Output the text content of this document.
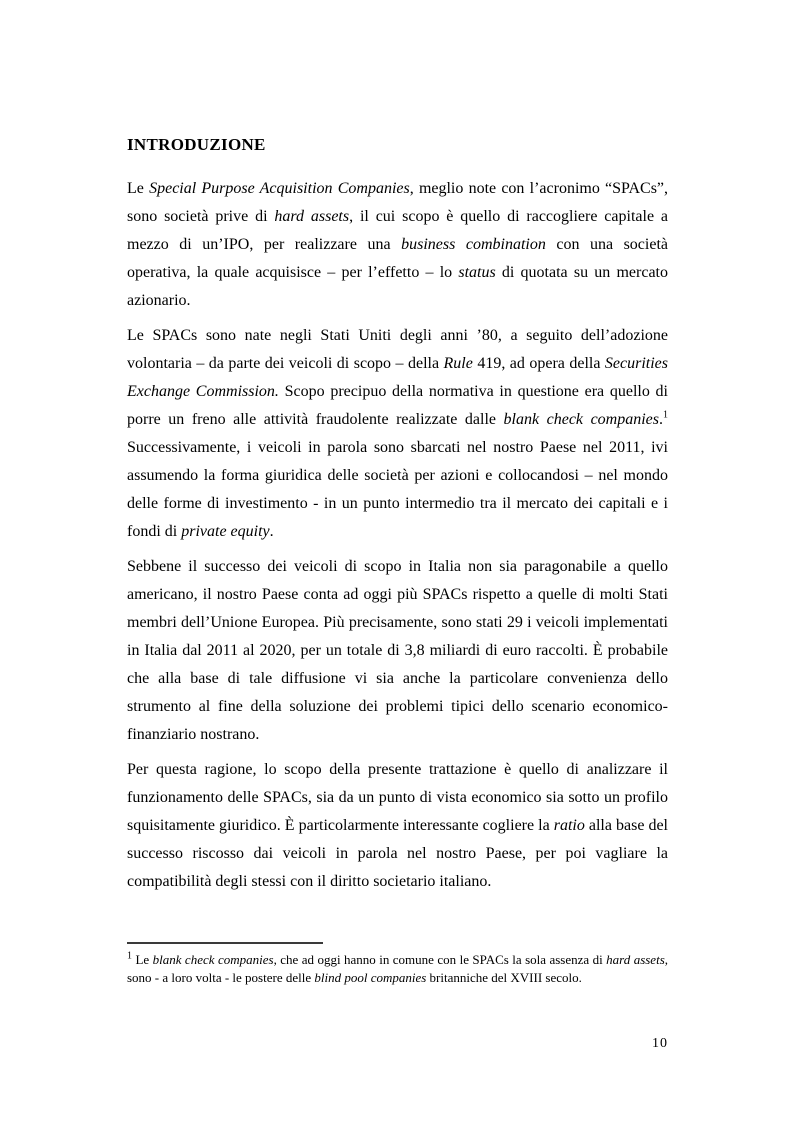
INTRODUZIONE

Le Special Purpose Acquisition Companies, meglio note con l’acronimo “SPACs”, sono società prive di hard assets, il cui scopo è quello di raccogliere capitale a mezzo di un’IPO, per realizzare una business combination con una società operativa, la quale acquisisce – per l’effetto – lo status di quotata su un mercato azionario.

Le SPACs sono nate negli Stati Uniti degli anni ’80, a seguito dell’adozione volontaria – da parte dei veicoli di scopo – della Rule 419, ad opera della Securities Exchange Commission. Scopo precipuo della normativa in questione era quello di porre un freno alle attività fraudolente realizzate dalle blank check companies.$^1$ Successivamente, i veicoli in parola sono sbarcati nel nostro Paese nel 2011, ivi assumendo la forma giuridica delle società per azioni e collocandosi – nel mondo delle forme di investimento - in un punto intermedio tra il mercato dei capitali e i fondi di private equity.

Sebbene il successo dei veicoli di scopo in Italia non sia paragonabile a quello americano, il nostro Paese conta ad oggi più SPACs rispetto a quelle di molti Stati membri dell’Unione Europea. Più precisamente, sono stati 29 i veicoli implementati in Italia dal 2011 al 2020, per un totale di 3,8 miliardi di euro raccolti. È probabile che alla base di tale diffusione vi sia anche la particolare convenienza dello strumento al fine della soluzione dei problemi tipici dello scenario economico-finanziario nostrano.

Per questa ragione, lo scopo della presente trattazione è quello di analizzare il funzionamento delle SPACs, sia da un punto di vista economico sia sotto un profilo squisitamente giuridico. È particolarmente interessante cogliere la ratio alla base del successo riscosso dai veicoli in parola nel nostro Paese, per poi vagliare la compatibilità degli stessi con il diritto societario italiano.

$^1$ Le blank check companies, che ad oggi hanno in comune con le SPACs la sola assenza di hard assets, sono - a loro volta - le postere delle blind pool companies britanniche del XVIII secolo.

10
